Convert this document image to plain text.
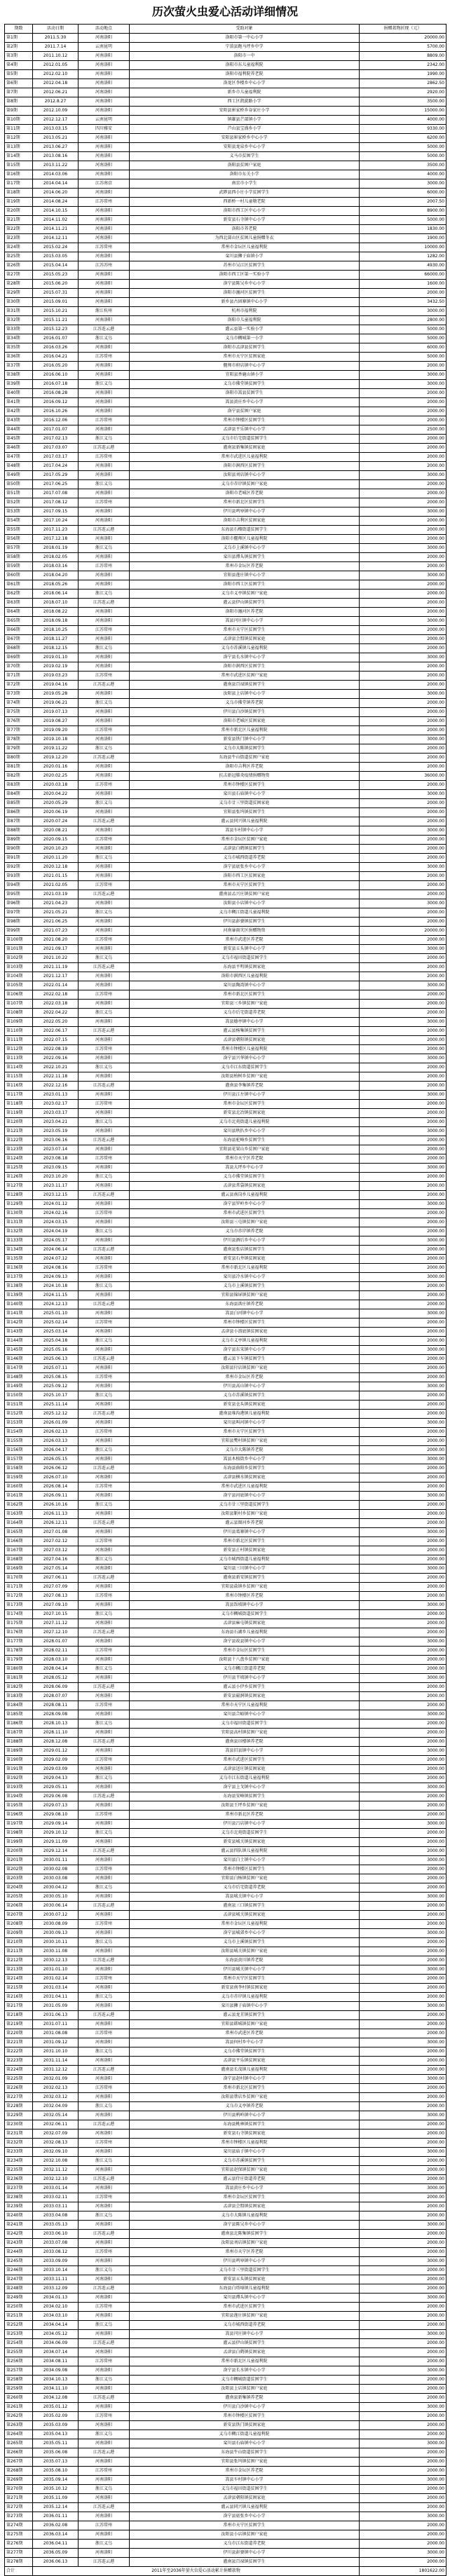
历次萤火虫爱心活动详细情况
期数	活动日期	活动地点	受助对象	捐赠款物折现（元）
第1期	2011.5.30	河南洛阳	洛阳市第一中心小学	20000.00
第2期	2011.7.14	云南昆明	宁蒗县跑马坪乡中学	5700.00
第3期	2011.10.12	河南洛阳	洛阳市一中	8809.00
第4期	2012.01.05	河南洛阳	洛阳市东儿童福利院	2342.00
第5期	2012.02.10	河南洛阳	洛阳市福利院养老院	1990.00
第6期	2012.04.18	河南洛阳	洛龙区李楼乡中心小学	2862.50
第7期	2012.06.21	河南洛阳	新乡市儿童福利院	2920.00
第8期	2012.8.27	河南洛阳	西工区凯旋路小学	3500.00
第9期	2012.10.09	河南洛阳	安阳县崔家桥乡谷家庄小学	15000.00
第10期	2012.12.17	云南昆明	镇雄县芒部镇小学	4000.00
第11期	2013.03.15	四川雅安	芦山县宝盛乡小学	9330.00
第12期	2013.05.21	河南洛阳	安阳县崔家桥乡中心小学	6200.00
第13期	2013.06.27	河南洛阳	安阳县龙泉乡中心小学	5000.00
第14期	2013.08.16	河南洛阳	义马市贫困学生	5000.00
第15期	2013.11.22	河南洛阳	洛阳县贫困户家庭	3500.00
第16期	2014.03.06	河南洛阳	洛阳市东关小学	4000.00
第17期	2014.04.14	江苏南京	南京市小学生	3000.00
第18期	2014.06.20	河南洛阳	武陟县西小庄小学贫困学生	6000.00
第19期	2014.08.24	江苏常州	西新桥一村儿童敬老院	2007.50
第20期	2014.10.15	河南洛阳	洛阳市西工区中心小学	8900.00
第21期	2014.11.02	河南洛阳	新安县石寺镇中心小学	5000.00
第22期	2014.11.21	河南洛阳	洛阳市养老院	1830.00
第23期	2014.12.11	河南洛阳	为西北部山区贫困儿童捐赠冬衣	1900.00
第24期	2015.02.24	江苏常州	常州市金坛区儿童福利院	10000.00
第25期	2015.03.05	河南洛阳	栾川县狮子庙镇小学	1282.00
第26期	2015.04.14	江苏苏州	苏州市吴江区贫困学生	4930.00
第27期	2015.05.23	河南洛阳	洛阳市西工区第一实验小学	66000.00
第28期	2015.06.20	河南洛阳	洛宁县陈吴乡中心小学	1600.00
第29期	2015.07.31	河南洛阳	洛阳市瀍河区贫困学生	2000.00
第30期	2015.09.01	河南洛阳	新乡县古固寨镇中心小学	3432.50
第31期	2015.10.21	浙江杭州	杭州市福利院	3000.00
第32期	2015.11.21	河南洛阳	洛阳市儿童福利院	2800.00
第33期	2015.12.23	江苏连云港	灌云县第一实验小学	5000.00
第34期	2016.01.07	浙江义乌	义乌市稠城第一小学	5000.00
第35期	2016.03.26	河南洛阳	洛阳市孟津县贫困学生	6000.00
第36期	2016.04.21	江苏常州	常州市天宁区贫困家庭	5000.00
第37期	2016.05.20	河南洛阳	偃师市府店镇中心小学	2000.00
第38期	2016.06.10	河南洛阳	宜阳县香鹿山镇小学	3000.00
第39期	2016.07.18	浙江义乌	义乌市佛堂镇贫困学生	3000.00
第40期	2016.08.28	河南洛阳	洛阳市嵩县贫困学生	2000.00
第41期	2016.09.12	河南洛阳	嵩县黄庄乡中心小学	2000.00
第42期	2016.10.26	河南洛阳	洛宁县贫困户家庭	2000.00
第43期	2016.12.06	江苏常州	常州市钟楼区贫困学生	2000.00
第44期	2017.01.07	河南洛阳	孟津县平乐镇中心小学	2500.00
第45期	2017.02.13	浙江义乌	义乌市后宅街道贫困学生	2000.00
第46期	2017.03.07	江苏连云港	灌南县新集镇贫困家庭	2000.00
第47期	2017.03.17	江苏常州	常州市武进区儿童福利院	2000.00
第48期	2017.04.24	河南洛阳	洛阳市涧西区贫困学生	2000.00
第49期	2017.05.29	河南洛阳	汝阳县刘店镇中心小学	3000.00
第50期	2017.06.25	浙江义乌	义乌市赤岸镇贫困户家庭	2000.00
第51期	2017.07.08	河南洛阳	洛阳市老城区养老院	2000.00
第52期	2017.08.12	江苏常州	常州市新北区贫困学生	2000.00
第53期	2017.09.15	河南洛阳	伊川县鸣皋镇中心小学	3000.00
第54期	2017.10.24	河南洛阳	洛阳市吉利区贫困家庭	2000.00
第55期	2017.11.23	江苏连云港	东海县石榴街道贫困学生	2000.00
第56期	2017.12.18	河南洛阳	洛阳市偃师区儿童福利院	2000.00
第57期	2018.01.19	浙江义乌	义乌市上溪镇中心小学	3000.00
第58期	2018.02.05	河南洛阳	栾川县潭头镇贫困学生	2000.00
第59期	2018.03.16	江苏常州	常州市金坛区养老院	2000.00
第60期	2018.04.20	河南洛阳	宜阳县莲庄镇中心小学	3000.00
第61期	2018.05.26	河南洛阳	洛阳市西工区贫困学生	2000.00
第62期	2018.06.14	浙江义乌	义乌市义亭镇贫困户家庭	2000.00
第63期	2018.07.10	江苏连云港	灌云县伊山镇贫困学生	2000.00
第64期	2018.08.22	河南洛阳	洛阳市瀍河区养老院	2000.00
第65期	2018.09.18	河南洛阳	嵩县闫庄镇中心小学	3000.00
第66期	2018.10.25	江苏常州	常州市天宁区贫困学生	2000.00
第67期	2018.11.27	河南洛阳	孟津县会盟镇贫困家庭	2000.00
第68期	2018.12.15	浙江义乌	义乌市苏溪镇儿童福利院	2000.00
第69期	2019.01.10	河南洛阳	洛宁县长水镇中心小学	3000.00
第70期	2019.02.19	河南洛阳	洛阳市涧西区贫困学生	2000.00
第71期	2019.03.23	江苏常州	常州市武进区贫困户家庭	2000.00
第72期	2019.04.16	江苏连云港	灌南县百禄镇贫困学生	2000.00
第73期	2019.05.28	河南洛阳	汝阳县上店镇中心小学	3000.00
第74期	2019.06.21	浙江义乌	义乌市佛堂镇养老院	2000.00
第75期	2019.07.13	河南洛阳	伊川县白沙镇贫困学生	2000.00
第76期	2019.08.27	河南洛阳	洛阳市老城区贫困家庭	2000.00
第77期	2019.09.20	江苏常州	常州市新北区儿童福利院	2000.00
第78期	2019.10.18	河南洛阳	新安县铁门镇中心小学	3000.00
第79期	2019.11.22	浙江义乌	义乌市大陈镇贫困学生	2000.00
第80期	2019.12.20	江苏连云港	东海县牛山街道贫困户家庭	2000.00
第81期	2020.01.16	河南洛阳	洛阳市吉利区养老院	2000.00
第82期	2020.02.25	河南洛阳	抗击新冠肺炎疫情捐赠物资	36000.00
第83期	2020.03.18	江苏常州	常州市钟楼区贫困学生	2000.00
第84期	2020.04.22	河南洛阳	栾川县石庙镇中心小学	3000.00
第85期	2020.05.29	浙江义乌	义乌市廿三里街道贫困家庭	2000.00
第86期	2020.06.19	河南洛阳	宜阳县张坞镇贫困学生	2000.00
第87期	2020.07.24	江苏连云港	灌云县同兴镇儿童福利院	2000.00
第88期	2020.08.21	河南洛阳	嵩县车村镇中心小学	3000.00
第89期	2020.09.15	江苏常州	常州市金坛区贫困户家庭	2000.00
第90期	2020.10.23	河南洛阳	孟津县白鹤镇贫困学生	2000.00
第91期	2020.11.20	浙江义乌	义乌市城西街道养老院	2000.00
第92期	2020.12.18	河南洛阳	洛宁县底张乡中心小学	3000.00
第93期	2021.01.15	河南洛阳	洛阳市西工区贫困家庭	2000.00
第94期	2021.02.05	江苏常州	常州市天宁区贫困学生	2000.00
第95期	2021.03.19	江苏连云港	灌南县孟兴庄镇贫困户家庭	2000.00
第96期	2021.04.23	河南洛阳	汝阳县小店镇中心小学	3000.00
第97期	2021.05.21	浙江义乌	义乌市稠江街道儿童福利院	2000.00
第98期	2021.06.25	河南洛阳	伊川县彭婆镇贫困学生	2000.00
第99期	2021.07.23	河南洛阳	河南暴雨灾区捐赠物资	20000.00
第100期	2021.08.20	江苏常州	常州市武进区养老院	2000.00
第101期	2021.09.17	河南洛阳	新安县五头镇中心小学	3000.00
第102期	2021.10.22	浙江义乌	义乌市福田街道贫困学生	2000.00
第103期	2021.11.19	江苏连云港	东海县平明镇贫困家庭	2000.00
第104期	2021.12.17	河南洛阳	洛阳市涧西区儿童福利院	2000.00
第105期	2022.01.14	河南洛阳	栾川县陶湾镇中心小学	3000.00
第106期	2022.02.18	江苏常州	常州市新北区贫困学生	2000.00
第107期	2022.03.18	河南洛阳	宜阳县三乡镇贫困户家庭	2000.00
第108期	2022.04.22	浙江义乌	义乌市后宅街道养老院	2000.00
第109期	2022.05.20	河南洛阳	嵩县德亭镇中心小学	3000.00
第110期	2022.06.17	江苏连云港	灌云县杨集镇贫困学生	2000.00
第111期	2022.07.15	河南洛阳	孟津县朝阳镇贫困家庭	2000.00
第112期	2022.08.19	江苏常州	常州市钟楼区儿童福利院	2000.00
第113期	2022.09.16	河南洛阳	洛宁县兴华镇中心小学	3000.00
第114期	2022.10.21	浙江义乌	义乌市江东街道贫困学生	2000.00
第115期	2022.11.18	河南洛阳	汝阳县柏树乡贫困户家庭	2000.00
第116期	2022.12.16	江苏连云港	灌南县李集镇养老院	2000.00
第117期	2023.01.13	河南洛阳	伊川县江左镇中心小学	3000.00
第118期	2023.02.17	江苏常州	常州市金坛区贫困学生	2000.00
第119期	2023.03.17	河南洛阳	新安县北冶镇贫困家庭	2000.00
第120期	2023.04.21	浙江义乌	义乌市北苑街道儿童福利院	2000.00
第121期	2023.05.19	河南洛阳	栾川县秋扒乡中心小学	3000.00
第122期	2023.06.16	江苏连云港	东海县驼峰乡贫困学生	2000.00
第123期	2023.07.14	河南洛阳	宜阳县花果山乡贫困户家庭	2000.00
第124期	2023.08.18	江苏常州	常州市天宁区养老院	2000.00
第125期	2023.09.15	河南洛阳	嵩县大坪乡中心小学	3000.00
第126期	2023.10.20	浙江义乌	义乌市佛堂镇贫困学生	2000.00
第127期	2023.11.17	河南洛阳	孟津县常袋镇贫困家庭	2000.00
第128期	2023.12.15	江苏连云港	灌云县南岗乡儿童福利院	2000.00
第129期	2024.01.12	河南洛阳	洛宁县罗岭乡中心小学	3000.00
第130期	2024.02.16	江苏常州	常州市武进区贫困学生	2000.00
第131期	2024.03.15	河南洛阳	汝阳县三屯镇贫困户家庭	2000.00
第132期	2024.04.19	浙江义乌	义乌市赤岸镇养老院	2000.00
第133期	2024.05.17	河南洛阳	伊川县酒后乡中心小学	3000.00
第134期	2024.06.14	江苏连云港	灌南县张店镇贫困学生	2000.00
第135期	2024.07.12	河南洛阳	新安县石井镇贫困家庭	2000.00
第136期	2024.08.16	江苏常州	常州市新北区儿童福利院	2000.00
第137期	2024.09.13	河南洛阳	栾川县冷水镇中心小学	3000.00
第138期	2024.10.18	浙江义乌	义乌市上溪镇贫困学生	2000.00
第139期	2024.11.15	河南洛阳	宜阳县锦屏镇贫困户家庭	2000.00
第140期	2024.12.13	江苏连云港	东海县洪庄镇养老院	2000.00
第141期	2025.01.10	河南洛阳	嵩县白河镇中心小学	3000.00
第142期	2025.02.14	江苏常州	常州市钟楼区贫困学生	2000.00
第143期	2025.03.14	河南洛阳	孟津县小浪底镇贫困家庭	2000.00
第144期	2025.04.18	浙江义乌	义乌市义亭镇儿童福利院	2000.00
第145期	2025.05.16	河南洛阳	洛宁县东宋镇中心小学	3000.00
第146期	2025.06.13	江苏连云港	灌云县下车镇贫困学生	2000.00
第147期	2025.07.11	河南洛阳	汝阳县付店镇贫困户家庭	2000.00
第148期	2025.08.15	江苏常州	常州市金坛区养老院	2000.00
第149期	2025.09.12	河南洛阳	伊川县高山镇中心小学	3000.00
第150期	2025.10.17	浙江义乌	义乌市苏溪镇贫困学生	2000.00
第151期	2025.11.14	河南洛阳	新安县仓头镇贫困家庭	2000.00
第152期	2025.12.12	江苏连云港	灌南县堆沟港镇儿童福利院	2000.00
第153期	2026.01.09	河南洛阳	栾川县叫河镇中心小学	3000.00
第154期	2026.02.13	江苏常州	常州市天宁区贫困学生	2000.00
第155期	2026.03.13	河南洛阳	宜阳县樊村镇贫困户家庭	2000.00
第156期	2026.04.17	浙江义乌	义乌市大陈镇养老院	2000.00
第157期	2026.05.15	河南洛阳	嵩县木植街乡中心小学	3000.00
第158期	2026.06.12	江苏连云港	东海县曲阳乡贫困学生	2000.00
第159期	2026.07.10	河南洛阳	孟津县横水镇贫困家庭	2000.00
第160期	2026.08.14	江苏常州	常州市武进区儿童福利院	2000.00
第161期	2026.09.11	河南洛阳	洛宁县河底镇中心小学	3000.00
第162期	2026.10.16	浙江义乌	义乌市廿三里街道贫困学生	2000.00
第163期	2026.11.13	河南洛阳	汝阳县靳村乡贫困户家庭	2000.00
第164期	2026.12.11	江苏连云港	灌云县图河乡养老院	2000.00
第165期	2027.01.08	河南洛阳	伊川县葛寨镇中心小学	3000.00
第166期	2027.02.12	江苏常州	常州市新北区贫困学生	2000.00
第167期	2027.03.12	河南洛阳	新安县正村镇贫困家庭	2000.00
第168期	2027.04.16	浙江义乌	义乌市城西街道儿童福利院	2000.00
第169期	2027.05.14	河南洛阳	栾川县三川镇中心小学	3000.00
第170期	2027.06.11	江苏连云港	灌南县新安镇贫困学生	2000.00
第171期	2027.07.09	河南洛阳	宜阳县盐镇乡贫困户家庭	2000.00
第172期	2027.08.13	江苏常州	常州市钟楼区养老院	2000.00
第173期	2027.09.10	河南洛阳	嵩县饭坡镇中心小学	3000.00
第174期	2027.10.15	浙江义乌	义乌市稠城街道贫困学生	2000.00
第175期	2027.11.12	河南洛阳	孟津县麻屯镇贫困家庭	2000.00
第176期	2027.12.10	江苏连云港	东海县石湖乡儿童福利院	2000.00
第177期	2028.01.07	河南洛阳	洛宁县故县镇中心小学	3000.00
第178期	2028.02.11	江苏常州	常州市金坛区贫困学生	2000.00
第179期	2028.03.10	河南洛阳	汝阳县十八盘乡贫困户家庭	2000.00
第180期	2028.04.14	浙江义乌	义乌市稠江街道养老院	2000.00
第181期	2028.05.12	河南洛阳	伊川县半坡镇中心小学	3000.00
第182期	2028.06.09	江苏连云港	灌云县小伊乡贫困学生	2000.00
第183期	2028.07.07	河南洛阳	新安县磁涧镇贫困家庭	2000.00
第184期	2028.08.11	江苏常州	常州市天宁区儿童福利院	2000.00
第185期	2028.09.08	河南洛阳	栾川县合峪镇中心小学	3000.00
第186期	2028.10.13	浙江义乌	义乌市福田街道贫困学生	2000.00
第187期	2028.11.10	河南洛阳	宜阳县高村镇贫困户家庭	2000.00
第188期	2028.12.08	江苏连云港	灌南县田楼镇养老院	2000.00
第189期	2029.01.12	河南洛阳	嵩县旧县镇中心小学	3000.00
第190期	2029.02.09	江苏常州	常州市武进区贫困学生	2000.00
第191期	2029.03.09	河南洛阳	孟津县送庄镇贫困家庭	2000.00
第192期	2029.04.13	浙江义乌	义乌市江东街道儿童福利院	2000.00
第193期	2029.05.11	河南洛阳	洛宁县上戈镇中心小学	3000.00
第194期	2029.06.08	江苏连云港	东海县安峰镇贫困学生	2000.00
第195期	2029.07.13	河南洛阳	汝阳县王坪乡贫困户家庭	2000.00
第196期	2029.08.10	江苏常州	常州市新北区养老院	2000.00
第197期	2029.09.14	河南洛阳	伊川县吕店镇中心小学	3000.00
第198期	2029.10.12	浙江义乌	义乌市北苑街道贫困学生	2000.00
第199期	2029.11.09	河南洛阳	新安县城关镇贫困家庭	2000.00
第200期	2029.12.14	江苏连云港	灌云县四队镇儿童福利院	2000.00
第201期	2030.01.11	河南洛阳	栾川县白土镇中心小学	3000.00
第202期	2030.02.08	江苏常州	常州市钟楼区贫困学生	2000.00
第203期	2030.03.08	河南洛阳	宜阳县白杨镇贫困户家庭	2000.00
第204期	2030.04.12	浙江义乌	义乌市后宅街道养老院	2000.00
第205期	2030.05.10	河南洛阳	嵩县城关镇中心小学	3000.00
第206期	2030.06.14	江苏连云港	灌南县三口镇贫困学生	2000.00
第207期	2030.07.12	河南洛阳	孟津县城关镇贫困家庭	2000.00
第208期	2030.08.09	江苏常州	常州市金坛区儿童福利院	2000.00
第209期	2030.09.13	河南洛阳	洛宁县城郊乡中心小学	3000.00
第210期	2030.10.11	浙江义乌	义乌市上溪镇贫困学生	2000.00
第211期	2030.11.08	河南洛阳	汝阳县城关镇贫困户家庭	2000.00
第212期	2030.12.13	江苏连云港	东海县黄川镇养老院	2000.00
第213期	2031.01.10	河南洛阳	伊川县城关镇中心小学	3000.00
第214期	2031.02.14	江苏常州	常州市天宁区贫困学生	2000.00
第215期	2031.03.14	河南洛阳	新安县南李村镇贫困家庭	2000.00
第216期	2031.04.11	浙江义乌	义乌市赤岸镇儿童福利院	2000.00
第217期	2031.05.09	河南洛阳	栾川县狮子庙镇中心小学	3000.00
第218期	2031.06.13	江苏连云港	灌云县龙苴镇贫困学生	2000.00
第219期	2031.07.11	河南洛阳	宜阳县韩城镇贫困户家庭	2000.00
第220期	2031.08.08	江苏常州	常州市武进区养老院	2000.00
第221期	2031.09.12	河南洛阳	嵩县何村乡中心小学	3000.00
第222期	2031.10.10	浙江义乌	义乌市佛堂镇贫困学生	2000.00
第223期	2031.11.14	河南洛阳	孟津县平乐镇贫困家庭	2000.00
第224期	2031.12.12	江苏连云港	灌南县长茂镇儿童福利院	2000.00
第225期	2032.01.09	河南洛阳	洛宁县赵村镇中心小学	3000.00
第226期	2032.02.13	江苏常州	常州市新北区贫困学生	2000.00
第227期	2032.03.12	河南洛阳	汝阳县蔡店乡贫困户家庭	2000.00
第228期	2032.04.09	浙江义乌	义乌市义亭镇养老院	2000.00
第229期	2032.05.14	河南洛阳	伊川县鸦岭镇中心小学	3000.00
第230期	2032.06.11	江苏连云港	东海县桃林镇贫困学生	2000.00
第231期	2032.07.09	河南洛阳	新安县石寺镇贫困家庭	2000.00
第232期	2032.08.13	江苏常州	常州市钟楼区儿童福利院	2000.00
第233期	2032.09.10	河南洛阳	栾川县庙子镇中心小学	3000.00
第234期	2032.10.08	浙江义乌	义乌市苏溪镇贫困学生	2000.00
第235期	2032.11.12	河南洛阳	宜阳县赵保镇贫困户家庭	2000.00
第236期	2032.12.10	江苏连云港	灌云县侍庄街道养老院	2000.00
第237期	2033.01.14	河南洛阳	嵩县黄庄乡中心小学	3000.00
第238期	2033.02.11	江苏常州	常州市金坛区贫困学生	2000.00
第239期	2033.03.11	河南洛阳	孟津县会盟镇贫困家庭	2000.00
第240期	2033.04.08	浙江义乌	义乌市大陈镇儿童福利院	2000.00
第241期	2033.05.13	河南洛阳	洛宁县陈吴乡中心小学	3000.00
第242期	2033.06.10	江苏连云港	灌南县北陈集镇贫困学生	2000.00
第243期	2033.07.08	河南洛阳	汝阳县刘店镇贫困户家庭	2000.00
第244期	2033.08.12	江苏常州	常州市天宁区养老院	2000.00
第245期	2033.09.09	河南洛阳	伊川县鸣皋镇中心小学	3000.00
第246期	2033.10.14	浙江义乌	义乌市廿三里街道贫困学生	2000.00
第247期	2033.11.11	河南洛阳	新安县五头镇贫困家庭	2000.00
第248期	2033.12.09	江苏连云港	东海县白塔埠镇儿童福利院	2000.00
第249期	2034.01.13	河南洛阳	栾川县潭头镇中心小学	3000.00
第250期	2034.02.10	江苏常州	常州市武进区贫困学生	2000.00
第251期	2034.03.10	河南洛阳	宜阳县莲庄镇贫困户家庭	2000.00
第252期	2034.04.14	浙江义乌	义乌市城西街道养老院	2000.00
第253期	2034.05.12	河南洛阳	嵩县闫庄镇中心小学	3000.00
第254期	2034.06.09	江苏连云港	灌云县伊山镇贫困学生	2000.00
第255期	2034.07.14	河南洛阳	孟津县白鹤镇贫困家庭	2000.00
第256期	2034.08.11	江苏常州	常州市新北区儿童福利院	2000.00
第257期	2034.09.08	河南洛阳	洛宁县长水镇中心小学	3000.00
第258期	2034.10.13	浙江义乌	义乌市稠城街道贫困学生	2000.00
第259期	2034.11.10	河南洛阳	汝阳县上店镇贫困户家庭	2000.00
第260期	2034.12.08	江苏连云港	灌南县新集镇养老院	2000.00
第261期	2035.01.12	河南洛阳	伊川县白沙镇中心小学	3000.00
第262期	2035.02.09	江苏常州	常州市钟楼区贫困学生	2000.00
第263期	2035.03.09	河南洛阳	新安县铁门镇贫困家庭	2000.00
第264期	2035.04.13	浙江义乌	义乌市稠江街道儿童福利院	2000.00
第265期	2035.05.11	河南洛阳	栾川县石庙镇中心小学	3000.00
第266期	2035.06.08	江苏连云港	东海县牛山街道贫困学生	2000.00
第267期	2035.07.13	河南洛阳	宜阳县张坞镇贫困户家庭	2000.00
第268期	2035.08.10	江苏常州	常州市金坛区养老院	2000.00
第269期	2035.09.14	河南洛阳	嵩县车村镇中心小学	3000.00
第270期	2035.10.12	浙江义乌	义乌市福田街道贫困学生	2000.00
第271期	2035.11.09	河南洛阳	孟津县朝阳镇贫困家庭	2000.00
第272期	2035.12.14	江苏连云港	灌云县同兴镇儿童福利院	2000.00
第273期	2036.01.11	河南洛阳	洛宁县底张乡中心小学	3000.00
第274期	2036.02.08	江苏常州	常州市天宁区贫困学生	2000.00
第275期	2036.03.14	河南洛阳	汝阳县小店镇贫困户家庭	2000.00
第276期	2036.04.11	浙江义乌	义乌市江东街道养老院	2000.00
第277期	2036.05.09	河南洛阳	伊川县彭婆镇中心小学	3000.00
第278期	2036.06.13	江苏连云港	灌南县百禄镇贫困学生	2000.00
合计	2011年至2036年萤火虫爱心活动累计捐赠款物			1801622.00
